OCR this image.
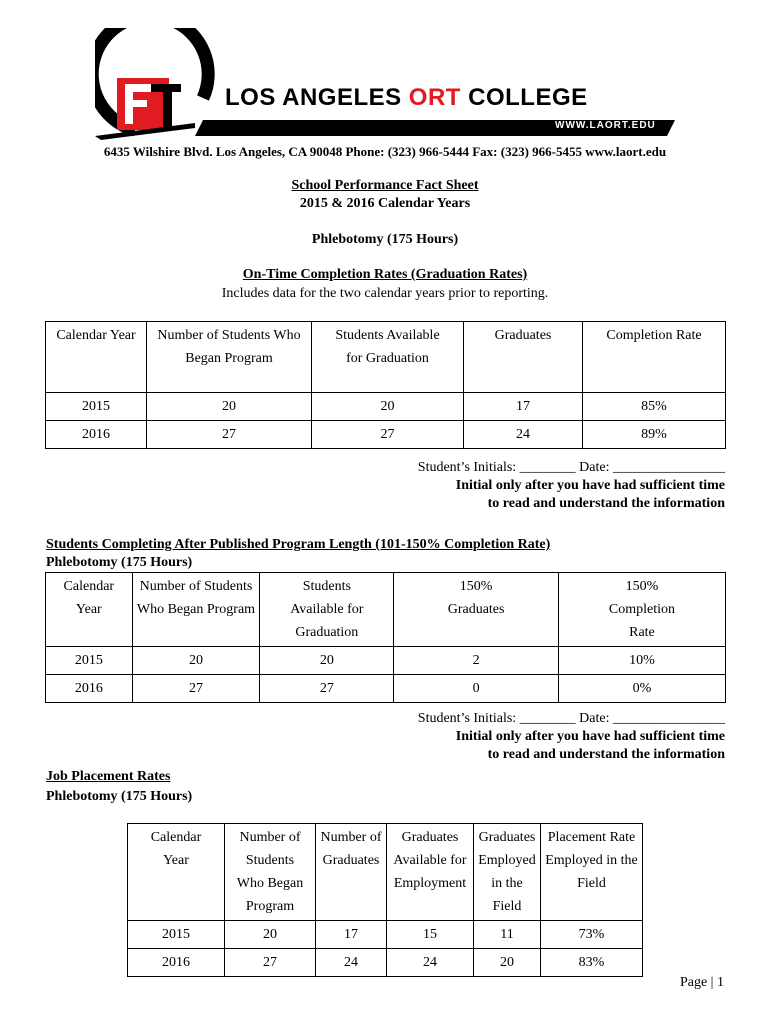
LOS ANGELES ORT COLLEGE
WWW.LAORT.EDU
6435 Wilshire Blvd. Los Angeles, CA 90048 Phone: (323) 966-5444 Fax: (323) 966-5455 www.laort.edu
School Performance Fact Sheet
2015 & 2016 Calendar Years
Phlebotomy (175 Hours)
On-Time Completion Rates (Graduation Rates)
Includes data for the two calendar years prior to reporting.
Calendar Year	Number of Students Who Began Program	Students Available for Graduation	Graduates	Completion Rate
2015	20	20	17	85%
2016	27	27	24	89%
Student’s Initials: ________ Date: ________________
Initial only after you have had sufficient time
to read and understand the information
Students Completing After Published Program Length (101-150% Completion Rate)
Phlebotomy (175 Hours)
Calendar Year	Number of Students Who Began Program	Students Available for Graduation	150% Graduates	150% Completion Rate
2015	20	20	2	10%
2016	27	27	0	0%
Student’s Initials: ________ Date: ________________
Initial only after you have had sufficient time
to read and understand the information
Job Placement Rates
Phlebotomy (175 Hours)
Calendar Year	Number of Students Who Began Program	Number of Graduates	Graduates Available for Employment	Graduates Employed in the Field	Placement Rate Employed in the Field
2015	20	17	15	11	73%
2016	27	24	24	20	83%
Page | 1
